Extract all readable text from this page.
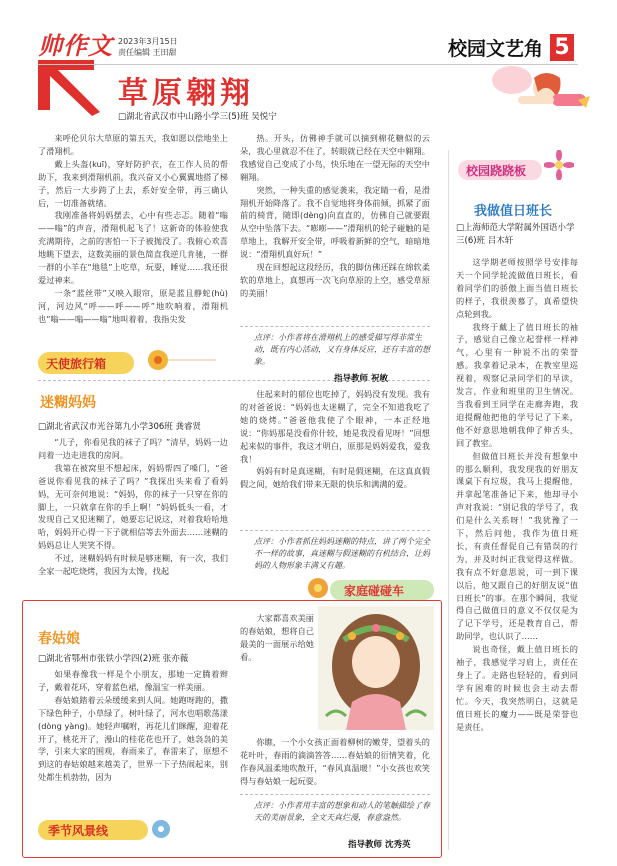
帅作文 2023年3月15日
责任编辑 王田甜	校园文艺角 5
草原翱翔
□湖北省武汉市中山路小学三(5)班 吴悦宁

来呼伦贝尔大草原的第五天，我如愿以偿地坐上了滑翔机。

戴上头盔(kuī)，穿好防护衣，在工作人员的帮助下，我来到滑翔机前，我兴奋又小心翼翼地搭了梯子，然后一大步跨了上去，系好安全带，再三确认后，一切准备就绪。

我刚准备将妈妈摆去，心中有些忐忑。随着“嗡——嗡”的声音，滑翔机起飞了！这新奇的体验使我充满期待，之前的害怕一下子被抛没了。我俯心欢喜地眺下望去，这数美丽的景色简直我逆几肯驰，一群一群的小羊在“地毯”上吃草，玩耍，睡觉……我还很爱过神来。

一条“蓝丝带”又映入眼帘，原是蓝且静蛇(hù)河，河边风“呼——呼——呼”地吹响着，滑翔机也“嗡——嗡——嗡”地叫着着，我指尖发

热。开头，仿佛神手就可以摘到棉花糖似的云朵，我心里就忍不住了，转眼就已经在天空中翱翔。我感觉自己变成了小鸟，快乐地在一望无际的天空中翱翔。

突然，一种失重的感觉袭来，我定睛一看，是滑翔机开始降落了。我不自觉地将身体前倾，抓紧了面前的椅背，随即(dèng)向直直的，仿佛自己就要跟从空中坠落下去。“嘭嘭——”滑翔机的轮子碰触的是草地上，我解开安全带，呼吸着新鲜的空气，暗暗地说：“滑翔机真好玩！”

现在回想起这段经历，我的脚仿佛还踩在绵软柔软的草地上，真想再一次飞向草原的上空，感受草原的美丽！

点评：小作者将在滑翔机上的感受描写得非常生动，既有内心活动，又有身体反应，还有丰富的想象。
指导教师 祝敏
天使旅行箱
迷糊妈妈
□湖北省武汉市光谷第九小学306班 龚睿贤

“儿子，你看见我的袜子了吗？”清早，妈妈一边问着一边走进我的房间。

我第在被窝里不想起床，妈妈帮四了嗓门，“爸爸说你看见我的袜子了吗？”我探出头来看了看妈妈，无可奈何地说：“妈妈，你的袜子一只穿在你的脚上，一只就拿在你的手上啊！”妈妈低头一看，才发现自己又犯迷糊了，她要忘记说这，对着我哈哈地哈，妈妈开心得一下子就相信等去外面去……迷糊的妈妈总让人哭笑不得。

不过，迷糊妈妈有时候是够迷糊，有一次，我们全家一起吃烧烤，我因为太馋，找起

住起来时的郁位也吃掉了，妈妈没有发现。我有的对爸爸说：“妈妈也太迷糊了，完全不知道我吃了她的烧烤。”爸爸他我使了个眼神，一本正经地说：“你妈那是没看你什较，她是我没看见呀！”回想起来似的事件，我这才明白，原那是妈妈爱我，爱我我！

妈妈有时是真迷糊，有时是假迷糊，在这真真假假之间，她给我们带来无限的快乐和满满的爱。

点评：小作者抓住妈妈迷糊的特点，讲了两个完全不一样的故事，真迷糊与假迷糊的有机结合，让妈妈的人物形象丰满又有趣。
家庭碰碰车
春姑娘
□湖北省鄂州市张铁小学四(2)班 张亦薇

如果春像我一样是个小朋友，那她一定腾着辫子，戴着花环，穿着蓝色裙，像温宝一样美丽。

春姑娘踏着云朵缓缓来到人间。她跑呀跑的，撒下绿色种子，小草绿了，树叶绿了，河水也唱歌荡漾(dòng yàng)。她轻声嘱咐，再花儿们眯醒，迎着花开了，桃花开了，漫山的桂花花也开了，她袅袅的美学，引来大家的围观，春雨来了，春雷来了，原想不到这的春姑娘越来越美了，世界一下子热闹起来，别处都生机勃勃，因为

大家都喜欢美丽的春姑娘，想将自己最美的一面展示给她看。

你瞧，一个小女孩正面着柳树的嫩芽，望着头的花叶叶，春雨的滴滴答答……春姑娘的衍情笑着，化作春风温柔地吹散开，“春风真温暖！”小女孩也欢笑得与春姑娘一起玩耍。

点评：小作者用丰富的想象和动人的笔触描绘了春天的美丽景象，全文天真烂漫，春意盎然。
指导教师 沈秀英
季节风景线
校园跷跷板
我做值日班长
□上海师范大学附属外国语小学三(6)班 吕木轩

这学期老师按照学号安排每天一个同学轮流做值日班长，看着同学们的骄傲上面当值日班长的样子，我很羡慕了，真希望快点轮到我。

我终于戴上了值日班长的袖子，感觉自己像立起誉样一样神气，心里有一种说不出的荣誉感。我拿着记录本，在教室里巡视着，观察记录同学们的早读，发言，作业和班里的卫生情况。当我看到王同学在走廊奔跑，我迫提醒他把他的学号记了下来，他不好意思地朝我伸了伸舌头，回了教室。

但做值日班长并没有想象中的那么顺利，我发现我的好朋友课桌下有垃圾，我马上提醒他，并拿起笔准备记下来，他却寻小声对我说：“别记我的学号了，我们是什么关系呀！”我犹豫了一下，然后问他，我作为值日班长，有责任督促自己有错误的行为，并及时纠正我觉得这样做。我有点不好意思说，可一到下课以后，他又跟自己的好朋友说“值日班长”的事。在那个瞬间，我觉得自己做值日的意义不仅仅是为了记下学号，还是教育自己，帮助同学，也认识了……

说也奇怪，戴上值日班长的袖子，我感觉学习肩上，责任在身上了。走路也轻轻的，看到同学有困难的时候也会主动去帮忙。今天，我突然明白，这就是值日班长的魔力——既是荣誉也是责任。
